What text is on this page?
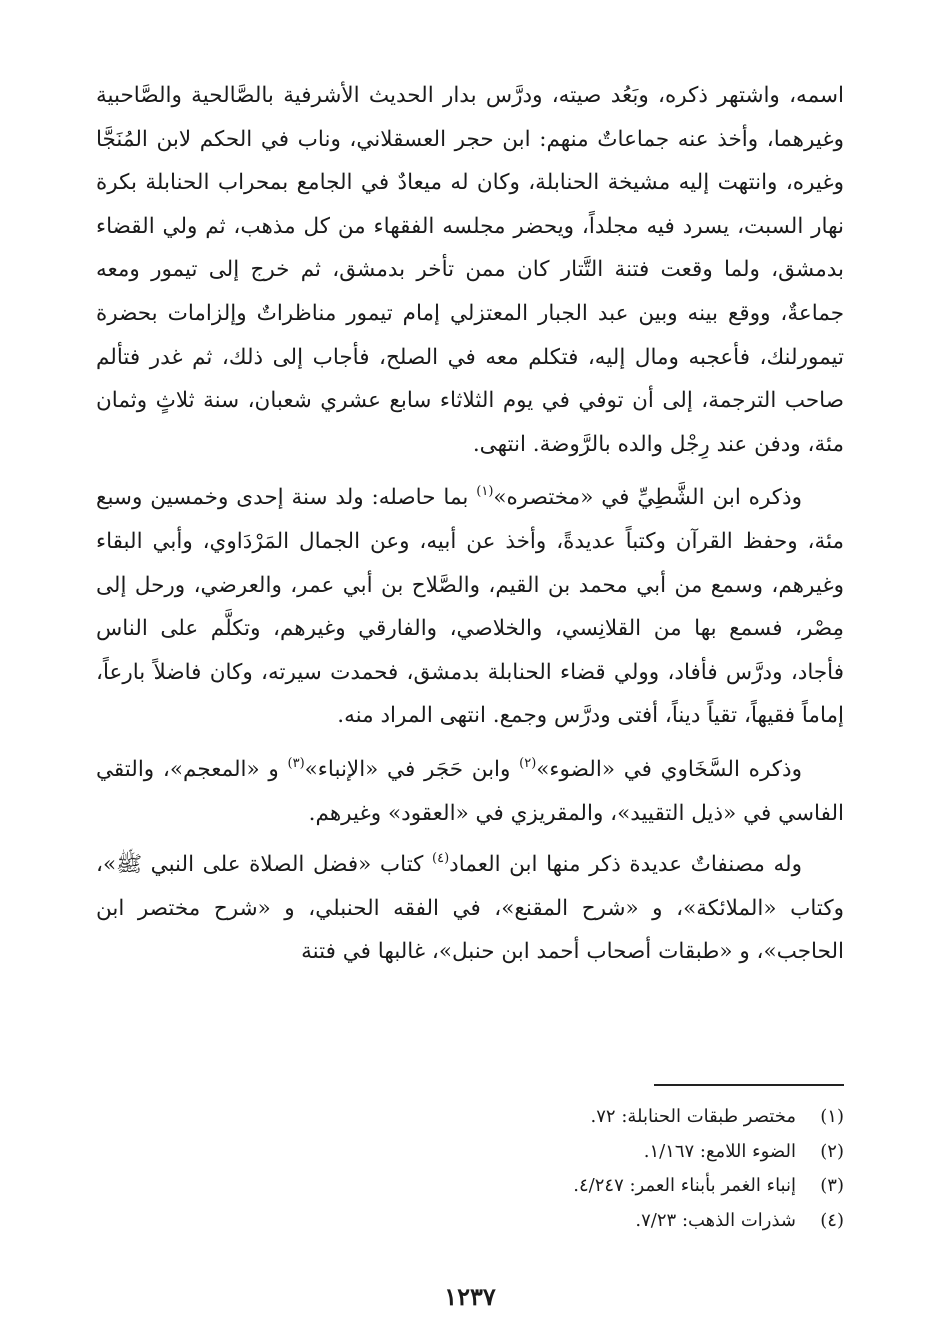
اسمه، واشتهر ذكره، وبَعُد صيته، ودرَّس بدار الحديث الأشرفية بالصَّالحية والصَّاحبية وغيرهما، وأخذ عنه جماعاتٌ منهم: ابن حجر العسقلاني، وناب في الحكم لابن المُنَجَّا وغيره، وانتهت إليه مشيخة الحنابلة، وكان له ميعادٌ في الجامع بمحراب الحنابلة بكرة نهار السبت، يسرد فيه مجلداً، ويحضر مجلسه الفقهاء من كل مذهب، ثم ولي القضاء بدمشق، ولما وقعت فتنة التَّتار كان ممن تأخر بدمشق، ثم خرج إلى تيمور ومعه جماعةٌ، ووقع بينه وبين عبد الجبار المعتزلي إمام تيمور مناظراتٌ وإلزامات بحضرة تيمورلنك، فأعجبه ومال إليه، فتكلم معه في الصلح، فأجاب إلى ذلك، ثم غدر فتألم صاحب الترجمة، إلى أن توفي في يوم الثلاثاء سابع عشري شعبان، سنة ثلاثٍ وثمان مئة، ودفن عند رِجْل والده بالرَّوضة. انتهى.

وذكره ابن الشَّطِيِّ في «مختصره»$^{(١)}$ بما حاصله: ولد سنة إحدى وخمسين وسبع مئة، وحفظ القرآن وكتباً عديدةً، وأخذ عن أبيه، وعن الجمال المَرْدَاوي، وأبي البقاء وغيرهم، وسمع من أبي محمد بن القيم، والصَّلاح بن أبي عمر، والعرضي، ورحل إلى مِصْر، فسمع بها من القلانِسي، والخلاصي، والفارقي وغيرهم، وتكلَّم على الناس فأجاد، ودرَّس فأفاد، وولي قضاء الحنابلة بدمشق، فحمدت سيرته، وكان فاضلاً بارعاً، إماماً فقيهاً، تقياً ديناً، أفتى ودرَّس وجمع. انتهى المراد منه.

وذكره السَّخَاوي في «الضوء»$^{(٢)}$ وابن حَجَر في «الإنباء»$^{(٣)}$ و «المعجم»، والتقي الفاسي في «ذيل التقييد»، والمقريزي في «العقود» وغيرهم.

وله مصنفاتٌ عديدة ذكر منها ابن العماد$^{(٤)}$ كتاب «فضل الصلاة على النبي ﷺ»، وكتاب «الملائكة»، و «شرح المقنع»، في الفقه الحنبلي، و «شرح مختصر ابن الحاجب»، و «طبقات أصحاب أحمد ابن حنبل»، غالبها في فتنة

(١)
مختصر طبقات الحنابلة: ٧٢.
(٢)
الضوء اللامع: ١/١٦٧.
(٣)
إنباء الغمر بأبناء العمر: ٤/٢٤٧.
(٤)
شذرات الذهب: ٧/٢٣.
١٢٣٧
